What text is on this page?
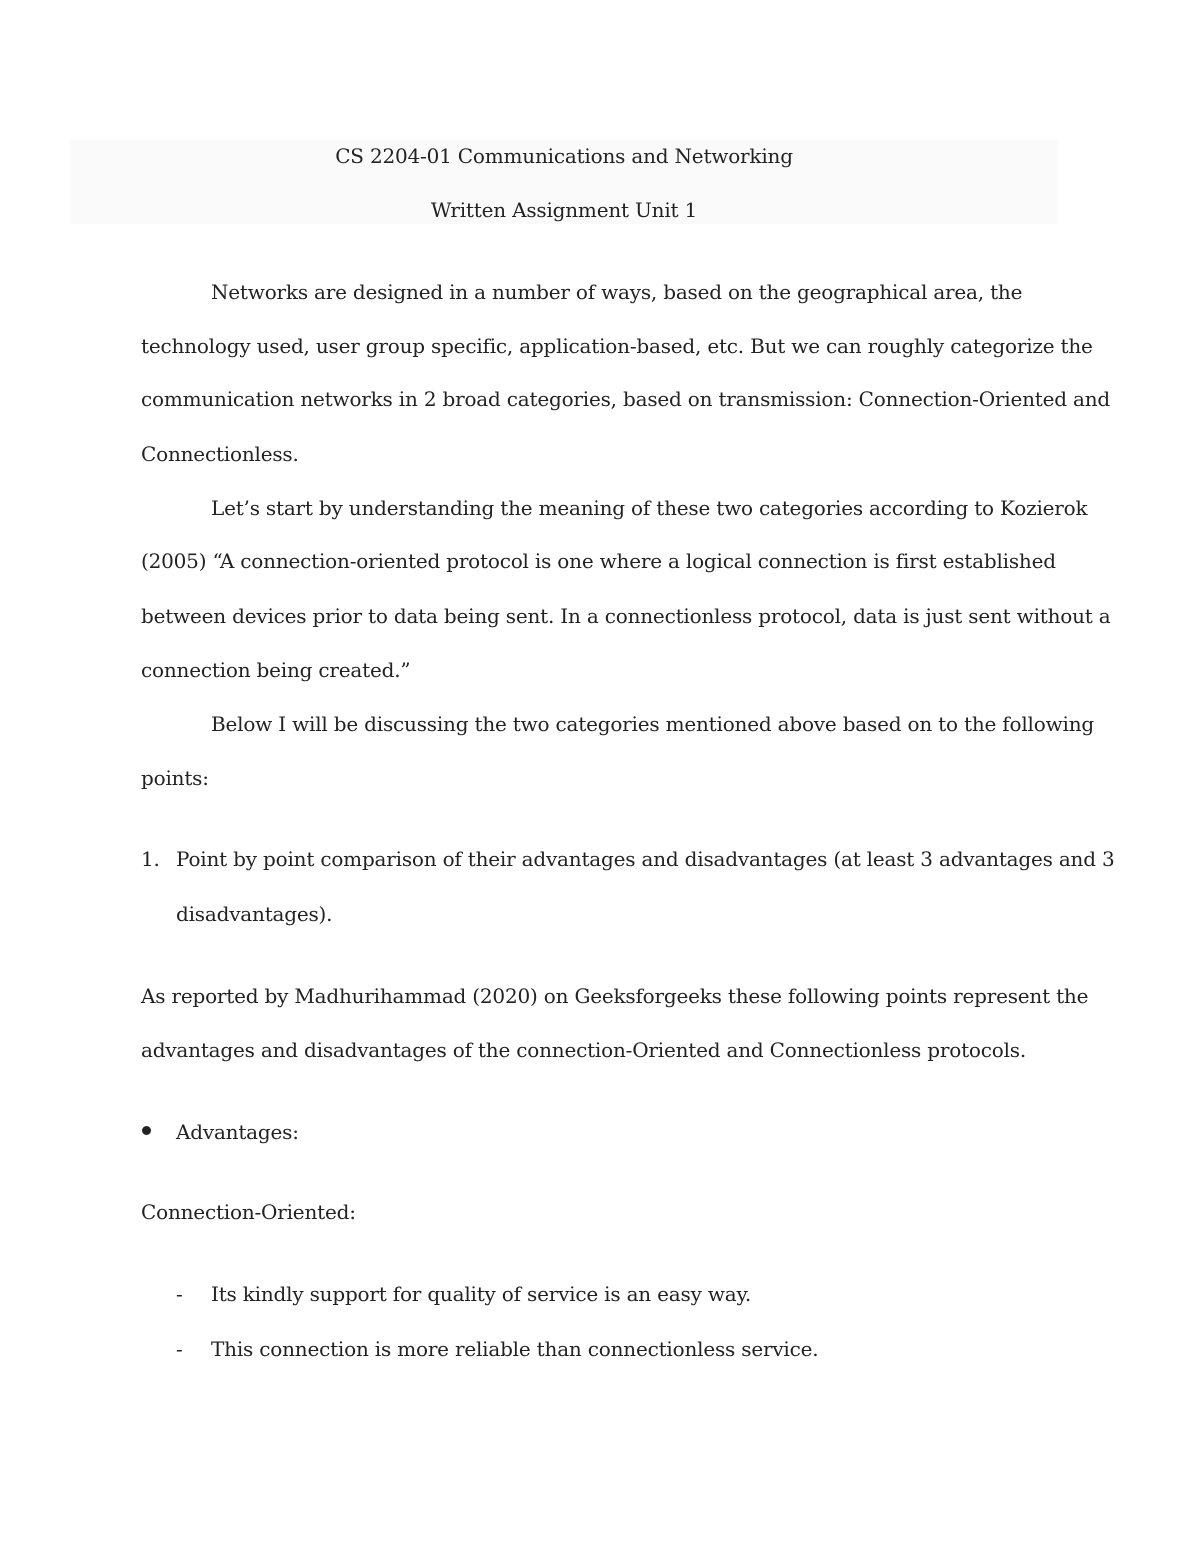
CS 2204-01 Communications and Networking
Written Assignment Unit 1
Networks are designed in a number of ways, based on the geographical area, the
technology used, user group specific, application-based, etc. But we can roughly categorize the
communication networks in 2 broad categories, based on transmission: Connection-Oriented and
Connectionless.
Let’s start by understanding the meaning of these two categories according to Kozierok
(2005) “A connection-oriented protocol is one where a logical connection is first established
between devices prior to data being sent. In a connectionless protocol, data is just sent without a
connection being created.”
Below I will be discussing the two categories mentioned above based on to the following
points:
1. Point by point comparison of their advantages and disadvantages (at least 3 advantages and 3
disadvantages).
As reported by Madhurihammad (2020) on Geeksforgeeks these following points represent the
advantages and disadvantages of the connection-Oriented and Connectionless protocols.
Advantages:
Connection-Oriented:
- Its kindly support for quality of service is an easy way.
- This connection is more reliable than connectionless service.
